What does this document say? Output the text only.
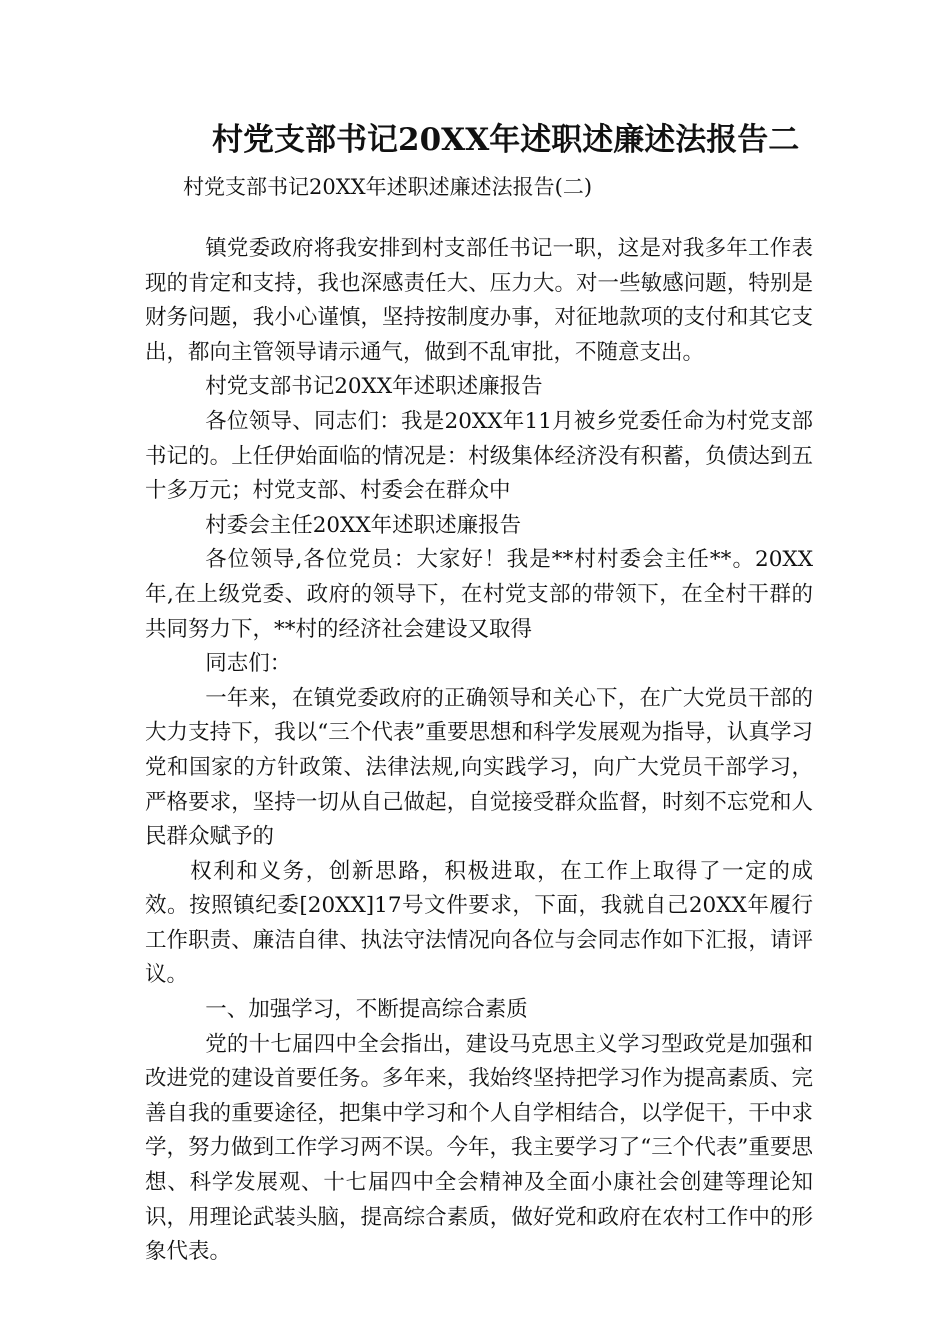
村党支部书记20XX年述职述廉述法报告二
村党支部书记20XX年述职述廉述法报告(二)

镇党委政府将我安排到村支部任书记一职，这是对我多年工作表现的肯定和支持，我也深感责任大、压力大。对一些敏感问题，特别是财务问题，我小心谨慎，坚持按制度办事，对征地款项的支付和其它支出，都向主管领导请示通气，做到不乱审批，不随意支出。

村党支部书记20XX年述职述廉报告

各位领导、同志们：我是20XX年11月被乡党委任命为村党支部书记的。上任伊始面临的情况是：村级集体经济没有积蓄，负债达到五十多万元；村党支部、村委会在群众中

村委会主任20XX年述职述廉报告

各位领导,各位党员：大家好！我是**村村委会主任**。20XX年,在上级党委、政府的领导下，在村党支部的带领下，在全村干群的共同努力下，**村的经济社会建设又取得

同志们：

一年来，在镇党委政府的正确领导和关心下，在广大党员干部的大力支持下，我以“三个代表”重要思想和科学发展观为指导，认真学习党和国家的方针政策、法律法规,向实践学习，向广大党员干部学习，严格要求，坚持一切从自己做起，自觉接受群众监督，时刻不忘党和人民群众赋予的

权利和义务，创新思路，积极进取，在工作上取得了一定的成效。按照镇纪委[20XX]17号文件要求，下面，我就自己20XX年履行工作职责、廉洁自律、执法守法情况向各位与会同志作如下汇报，请评议。

一、加强学习，不断提高综合素质

党的十七届四中全会指出，建设马克思主义学习型政党是加强和改进党的建设首要任务。多年来，我始终坚持把学习作为提高素质、完善自我的重要途径，把集中学习和个人自学相结合，以学促干，干中求学，努力做到工作学习两不误。今年，我主要学习了“三个代表”重要思想、科学发展观、十七届四中全会精神及全面小康社会创建等理论知识，用理论武装头脑，提高综合素质，做好党和政府在农村工作中的形象代表。
